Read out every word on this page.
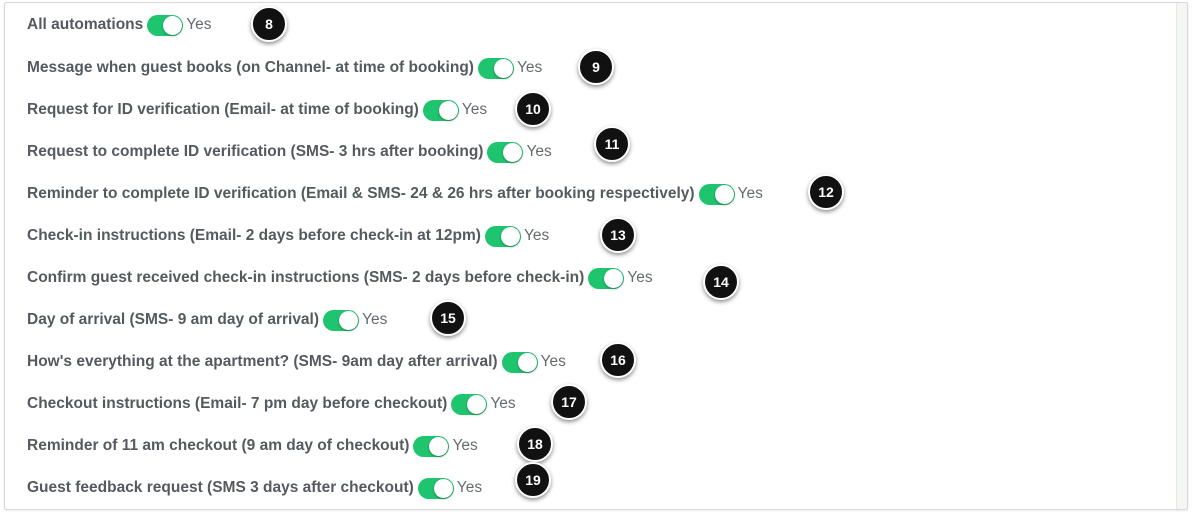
All automations	Yes
Message when guest books (on Channel- at time of booking)	Yes
Request for ID verification (Email- at time of booking)	Yes
Request to complete ID verification (SMS- 3 hrs after booking)	Yes
Reminder to complete ID verification (Email & SMS- 24 & 26 hrs after booking respectively)	Yes
Check-in instructions (Email- 2 days before check-in at 12pm)	Yes
Confirm guest received check-in instructions (SMS- 2 days before check-in)	Yes
Day of arrival (SMS- 9 am day of arrival)	Yes
How's everything at the apartment? (SMS- 9am day after arrival)	Yes
Checkout instructions (Email- 7 pm day before checkout)	Yes
Reminder of 11 am checkout (9 am day of checkout)	Yes
Guest feedback request (SMS 3 days after checkout)	Yes
8
9
10
11
12
13
14
15
16
17
18
19
